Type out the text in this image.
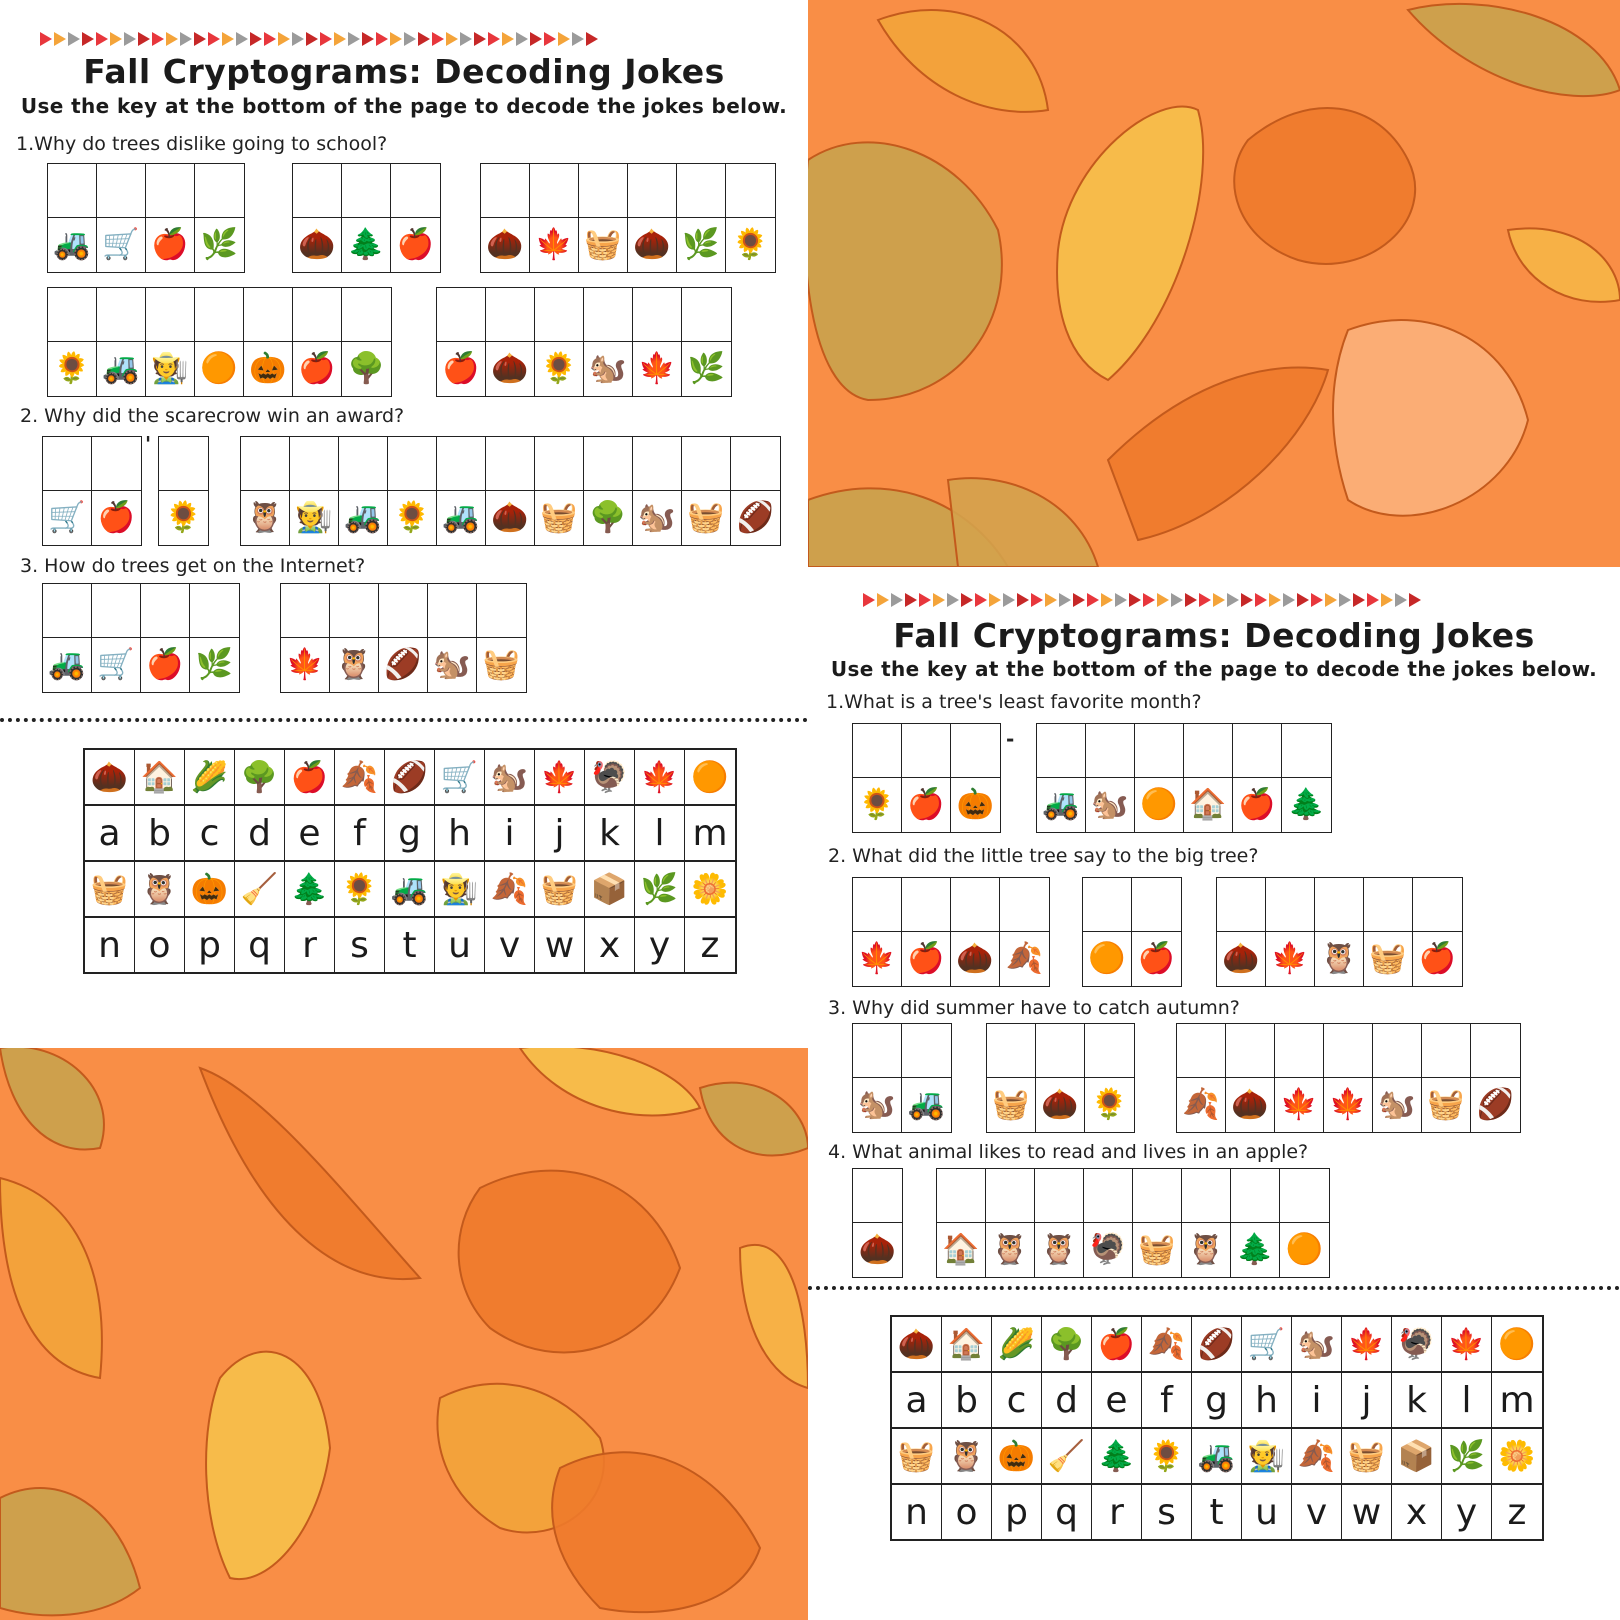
Fall Cryptograms: Decoding Jokes
Use the key at the bottom of the page to decode the jokes below.
1.Why do trees dislike going to school?
🚜 🛒 🍎 🌿 🌰 🌲 🍎 🌰 🍁 🧺 🌰 🌿 🌻
🌻 🚜 🧑‍🌾 🟠 🎃 🍎 🌳 🍎 🌰 🌻 🐿️ 🍁 🌿
2. Why did the scarecrow win an award?
🛒 🍎
'
🌻 🦉 🧑‍🌾 🚜 🌻 🚜 🌰 🧺 🌳 🐿️ 🧺 🏈
3. How do trees get on the Internet?
🚜 🛒 🍎 🌿 🍁 🦉 🏈 🐿️ 🧺
🌰 🏠 🌽 🌳 🍎 🍂 🏈 🛒 🐿️ 🍁 🦃 🍁 🟠
a b c d e f g h i	j k l m
🧺 🦉 🎃 🧹 🌲 🌻 🚜 🧑‍🌾 🍂 🧺 📦 🌿 🌼
n o p q r s t u v w x y z
Fall Cryptograms: Decoding Jokes
Use the key at the bottom of the page to decode the jokes below.
1.What is a tree's least favorite month?
🌻 🍎 🎃
-
🚜 🐿️ 🟠 🏠 🍎 🌲
2. What did the little tree say to the big tree?
🍁 🍎 🌰 🍂 🟠 🍎 🌰 🍁 🦉 🧺 🍎
3. Why did summer have to catch autumn?
🐿️ 🚜 🧺 🌰 🌻 🍂 🌰 🍁 🍁 🐿️ 🧺 🏈
4. What animal likes to read and lives in an apple?
🌰 🏠 🦉 🦉 🦃 🧺 🦉 🌲 🟠
🌰 🏠 🌽 🌳 🍎 🍂 🏈 🛒 🐿️ 🍁 🦃 🍁 🟠
a b c d e f g h i	j k l m
🧺 🦉 🎃 🧹 🌲 🌻 🚜 🧑‍🌾 🍂 🧺 📦 🌿 🌼
n o p q r s t u v w x y z
